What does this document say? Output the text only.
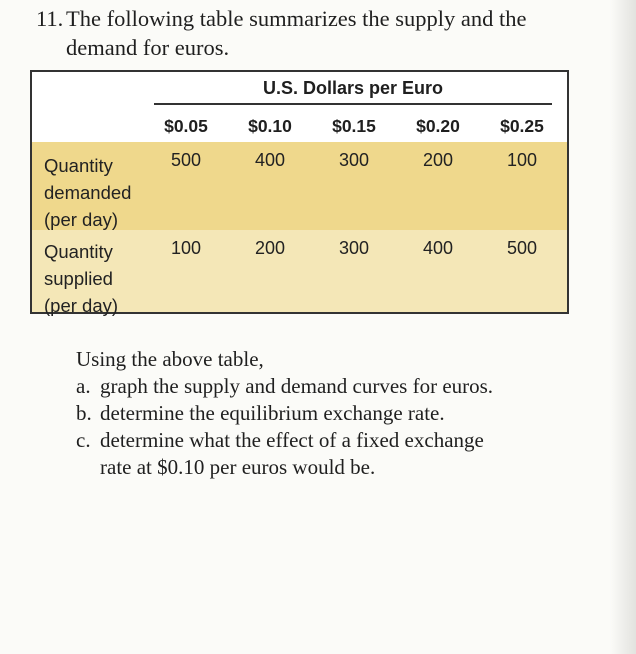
11. The following table summarizes the supply and the
demand for euros.
U.S. Dollars per Euro
$0.05	$0.10	$0.15	$0.20	$0.25
Quantity
demanded
(per day)
500	400	300	200	100
Quantity
supplied
(per day)
100	200	300	400	500
Using the above table,
a. graph the supply and demand curves for euros.
b. determine the equilibrium exchange rate.
c. determine what the effect of a fixed exchange
rate at $0.10 per euros would be.
